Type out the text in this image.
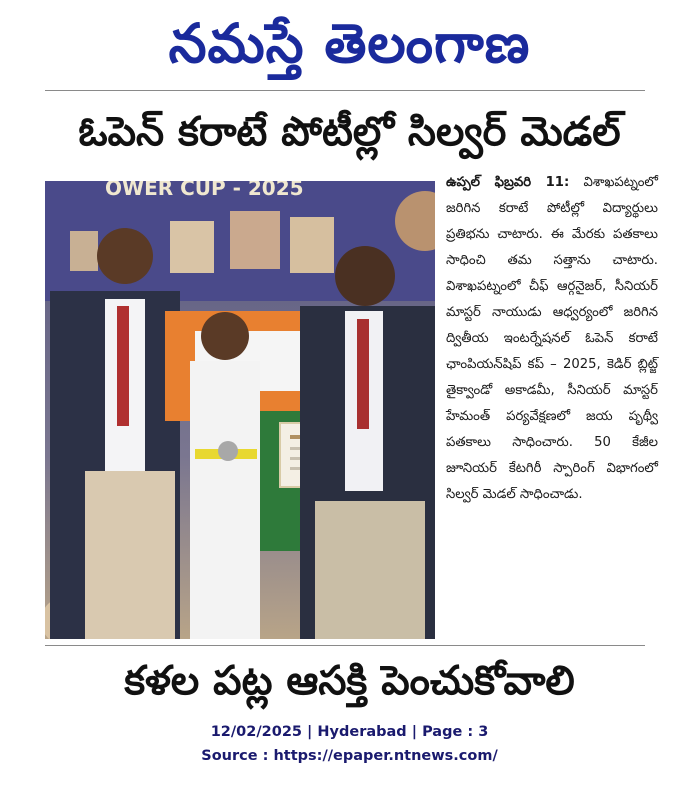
నమస్తే తెలంగాణ
ఓపెన్ కరాటే పోటీల్లో సిల్వర్ మెడల్
OWER CUP - 2025	ఉప్పల్ ఫిబ్రవరి 11: విశాఖపట్నంలో జరిగిన కరాటే పోటీల్లో విద్యార్థులు ప్రతిభను చాటారు. ఈ మేరకు పతకాలు సాధించి తమ సత్తాను చాటారు. విశాఖపట్నంలో చీఫ్ ఆర్గనైజర్, సీనియర్ మాస్టర్ నాయుడు ఆధ్వర్యంలో జరిగిన ద్వితీయ ఇంటర్నేషనల్ ఓపెన్ కరాటే ఛాంపియన్‌షిప్ కప్ – 2025, కెడిర్ బ్లిట్జ్ తైక్వాండో అకాడమీ, సీనియర్ మాస్టర్ హేమంత్ పర్యవేక్షణలో జయ పృథ్వీ పతకాలు సాధించారు. 50 కేజీల జూనియర్ కేటగిరీ స్పారింగ్ విభాగంలో సిల్వర్ మెడల్ సాధించాడు.

కళల పట్ల ఆసక్తి పెంచుకోవాలి
12/02/2025 | Hyderabad | Page : 3
Source : https://epaper.ntnews.com/
